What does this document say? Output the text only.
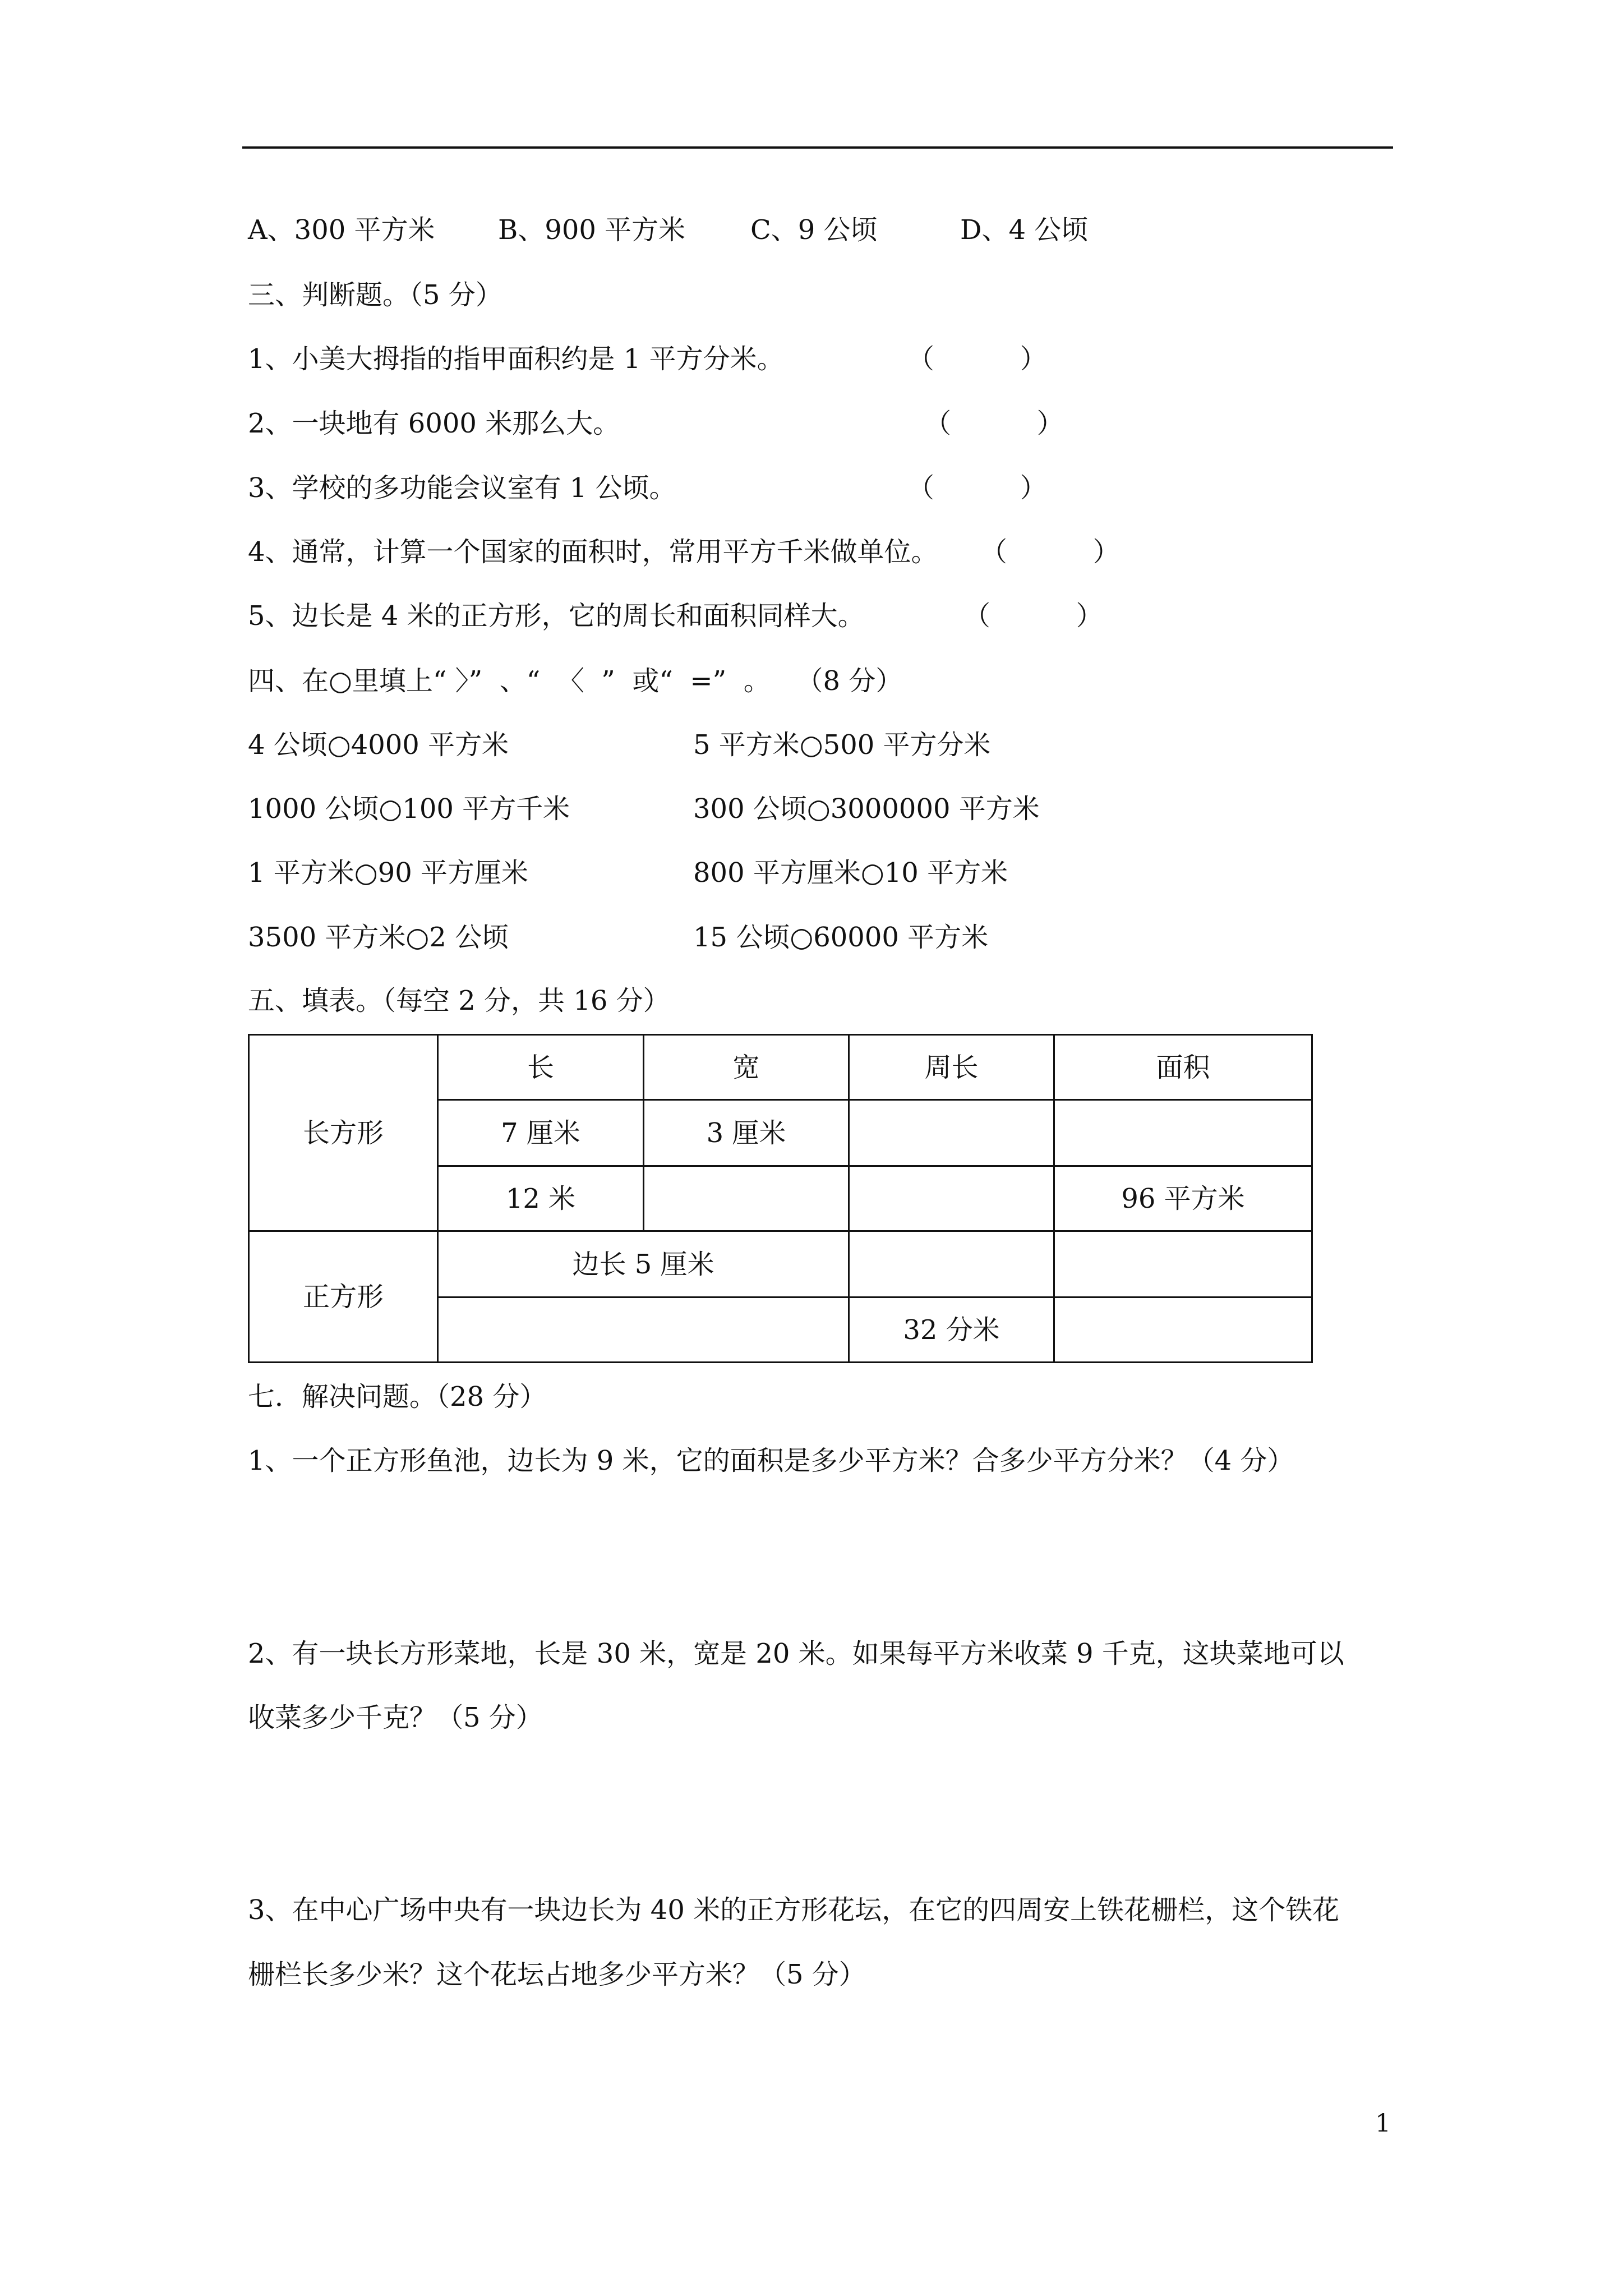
A、300 平方米 B、900 平方米 C、9 公顷	D、4 公顷
三、判断题。（5 分）
1、小美大拇指的指甲面积约是 1 平方分米。	（          ）
2、一块地有 6000 米那么大。	（          ）
3、学校的多功能会议室有 1 公顷。	（          ）
4、通常，计算一个国家的面积时，常用平方千米做单位。 （          ）
5、边长是 4 米的正方形，它的周长和面积同样大。	（          ）
四、在○里填上“ 〉”  、“  〈  ”  或“  =”  。   （8 分）
4 公顷○4000 平方米	5 平方米○500 平方分米
1000 公顷○100 平方千米	300 公顷○3000000 平方米
1 平方米○90 平方厘米	800 平方厘米○10 平方米
3500 平方米○2 公顷	15 公顷○60000 平方米
五、填表。（每空 2 分，共 16 分）
长方形	长	宽	周长	面积
	7 厘米	3 厘米		
	12 米			96 平方米
正方形	边长 5 厘米			
			32 分米	
七．解决问题。（28 分）
1、一个正方形鱼池，边长为 9 米，它的面积是多少平方米？合多少平方分米？（4 分）
2、有一块长方形菜地，长是 30 米，宽是 20 米。如果每平方米收菜 9 千克，这块菜地可以
收菜多少千克？（5 分）
3、在中心广场中央有一块边长为 40 米的正方形花坛，在它的四周安上铁花栅栏，这个铁花
栅栏长多少米？这个花坛占地多少平方米？（5 分）
1
